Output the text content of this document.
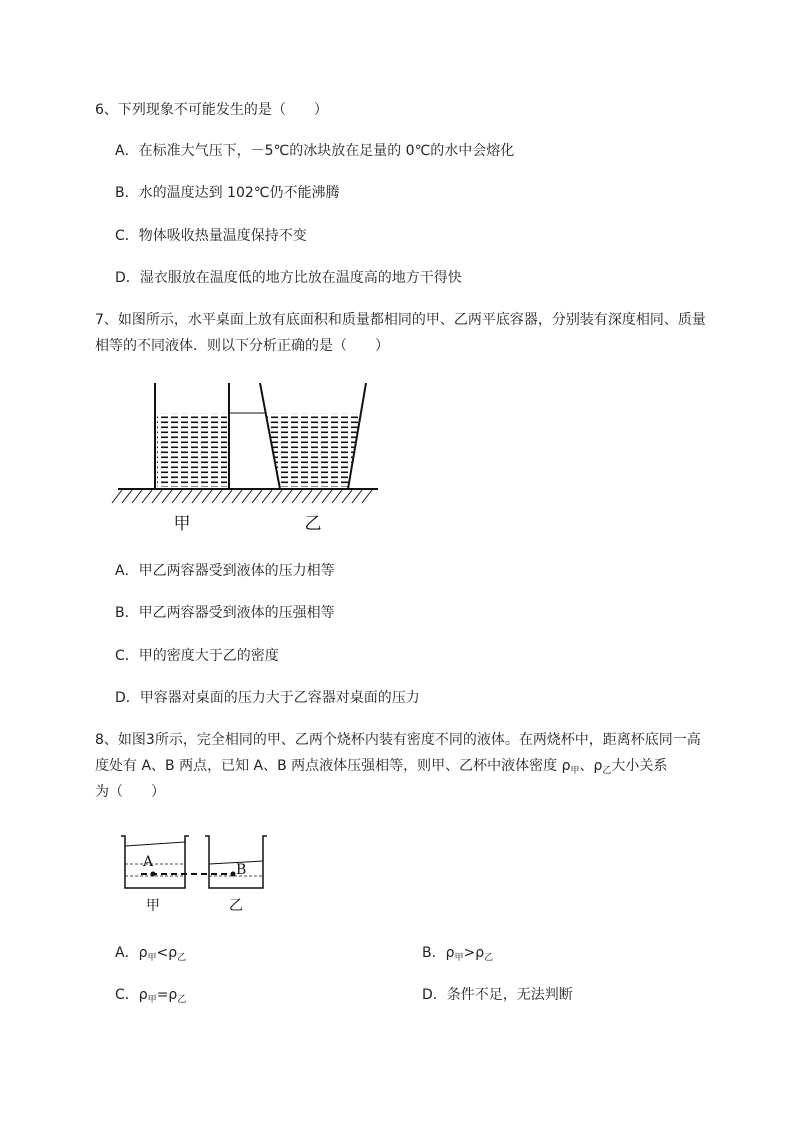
6、下列现象不可能发生的是（　　）
A．在标准大气压下，－5℃的冰块放在足量的 0℃的水中会熔化
B．水的温度达到 102℃仍不能沸腾
C．物体吸收热量温度保持不变
D．湿衣服放在温度低的地方比放在温度高的地方干得快
7、如图所示，水平桌面上放有底面积和质量都相同的甲、乙两平底容器，分别装有深度相同、质量
相等的不同液体．则以下分析正确的是（　　）
甲	乙
A．甲乙两容器受到液体的压力相等
B．甲乙两容器受到液体的压强相等
C．甲的密度大于乙的密度
D．甲容器对桌面的压力大于乙容器对桌面的压力
8、如图3所示，完全相同的甲、乙两个烧杯内装有密度不同的液体。在两烧杯中，距离杯底同一高
度处有 A、B 两点，已知 A、B 两点液体压强相等，则甲、乙杯中液体密度 $\rho_甲$、$\rho_乙$大小关系
为（　　）
A	B
甲	乙
A．$\rho_甲<\rho_乙$	B．$\rho_甲>\rho_乙$
C．$\rho_甲=\rho_乙$	D．条件不足，无法判断
